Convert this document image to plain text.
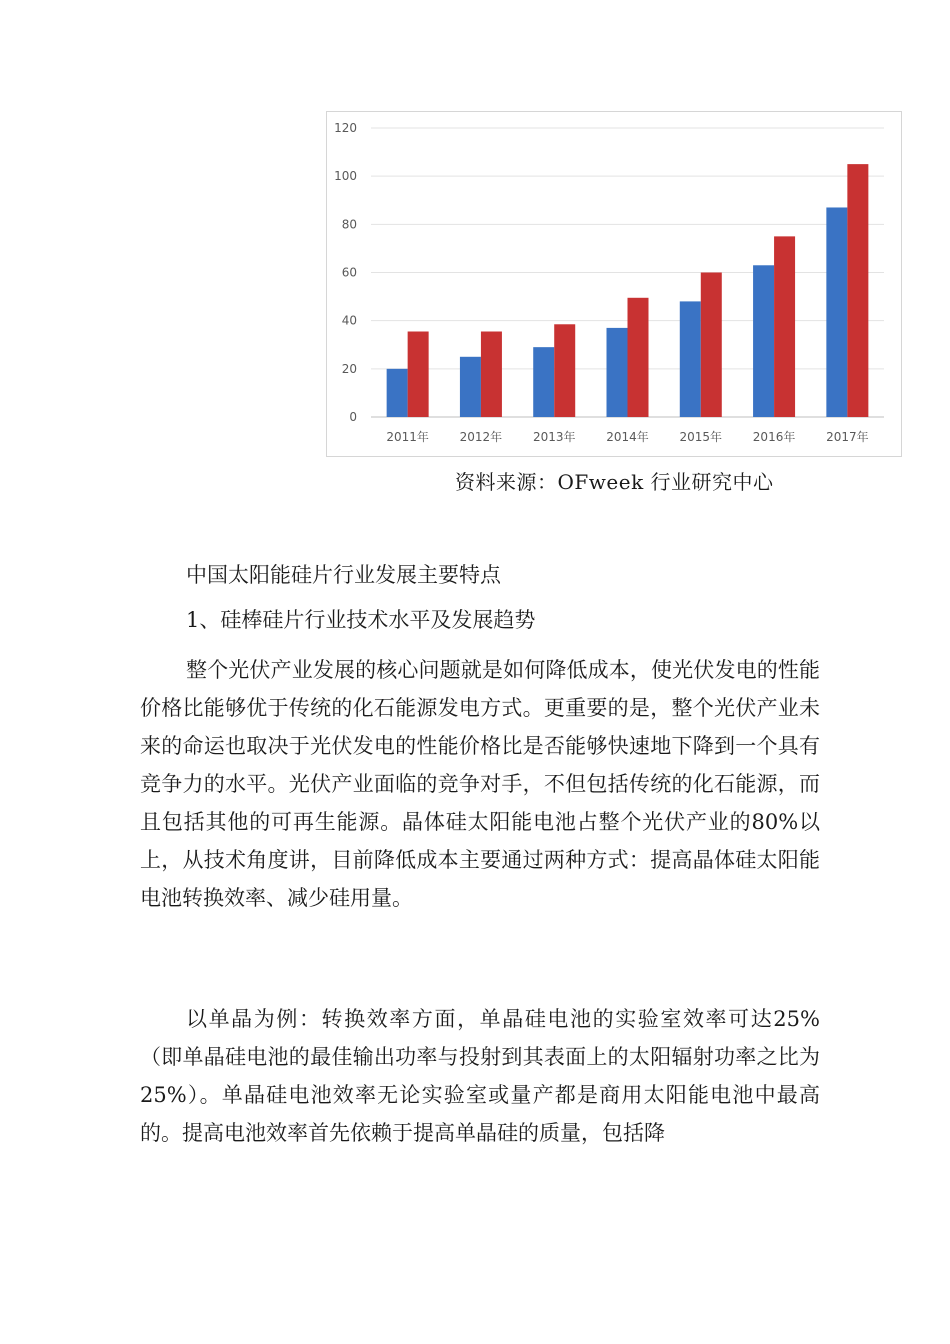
0
20
40
60
80
100
120
2011年	2012年	2013年	2014年	2015年	2016年	2017年
资料来源：OFweek 行业研究中心

中国太阳能硅片行业发展主要特点

1、硅棒硅片行业技术水平及发展趋势

整个光伏产业发展的核心问题就是如何降低成本，使光伏发电的性能价格比能够优于传统的化石能源发电方式。更重要的是，整个光伏产业未来的命运也取决于光伏发电的性能价格比是否能够快速地下降到一个具有竞争力的水平。光伏产业面临的竞争对手，不但包括传统的化石能源，而且包括其他的可再生能源。晶体硅太阳能电池占整个光伏产业的80%以上，从技术角度讲，目前降低成本主要通过两种方式：提高晶体硅太阳能电池转换效率、减少硅用量。

以单晶为例：转换效率方面，单晶硅电池的实验室效率可达25%（即单晶硅电池的最佳输出功率与投射到其表面上的太阳辐射功率之比为25%）。单晶硅电池效率无论实验室或量产都是商用太阳能电池中最高的。提高电池效率首先依赖于提高单晶硅的质量，包括降
